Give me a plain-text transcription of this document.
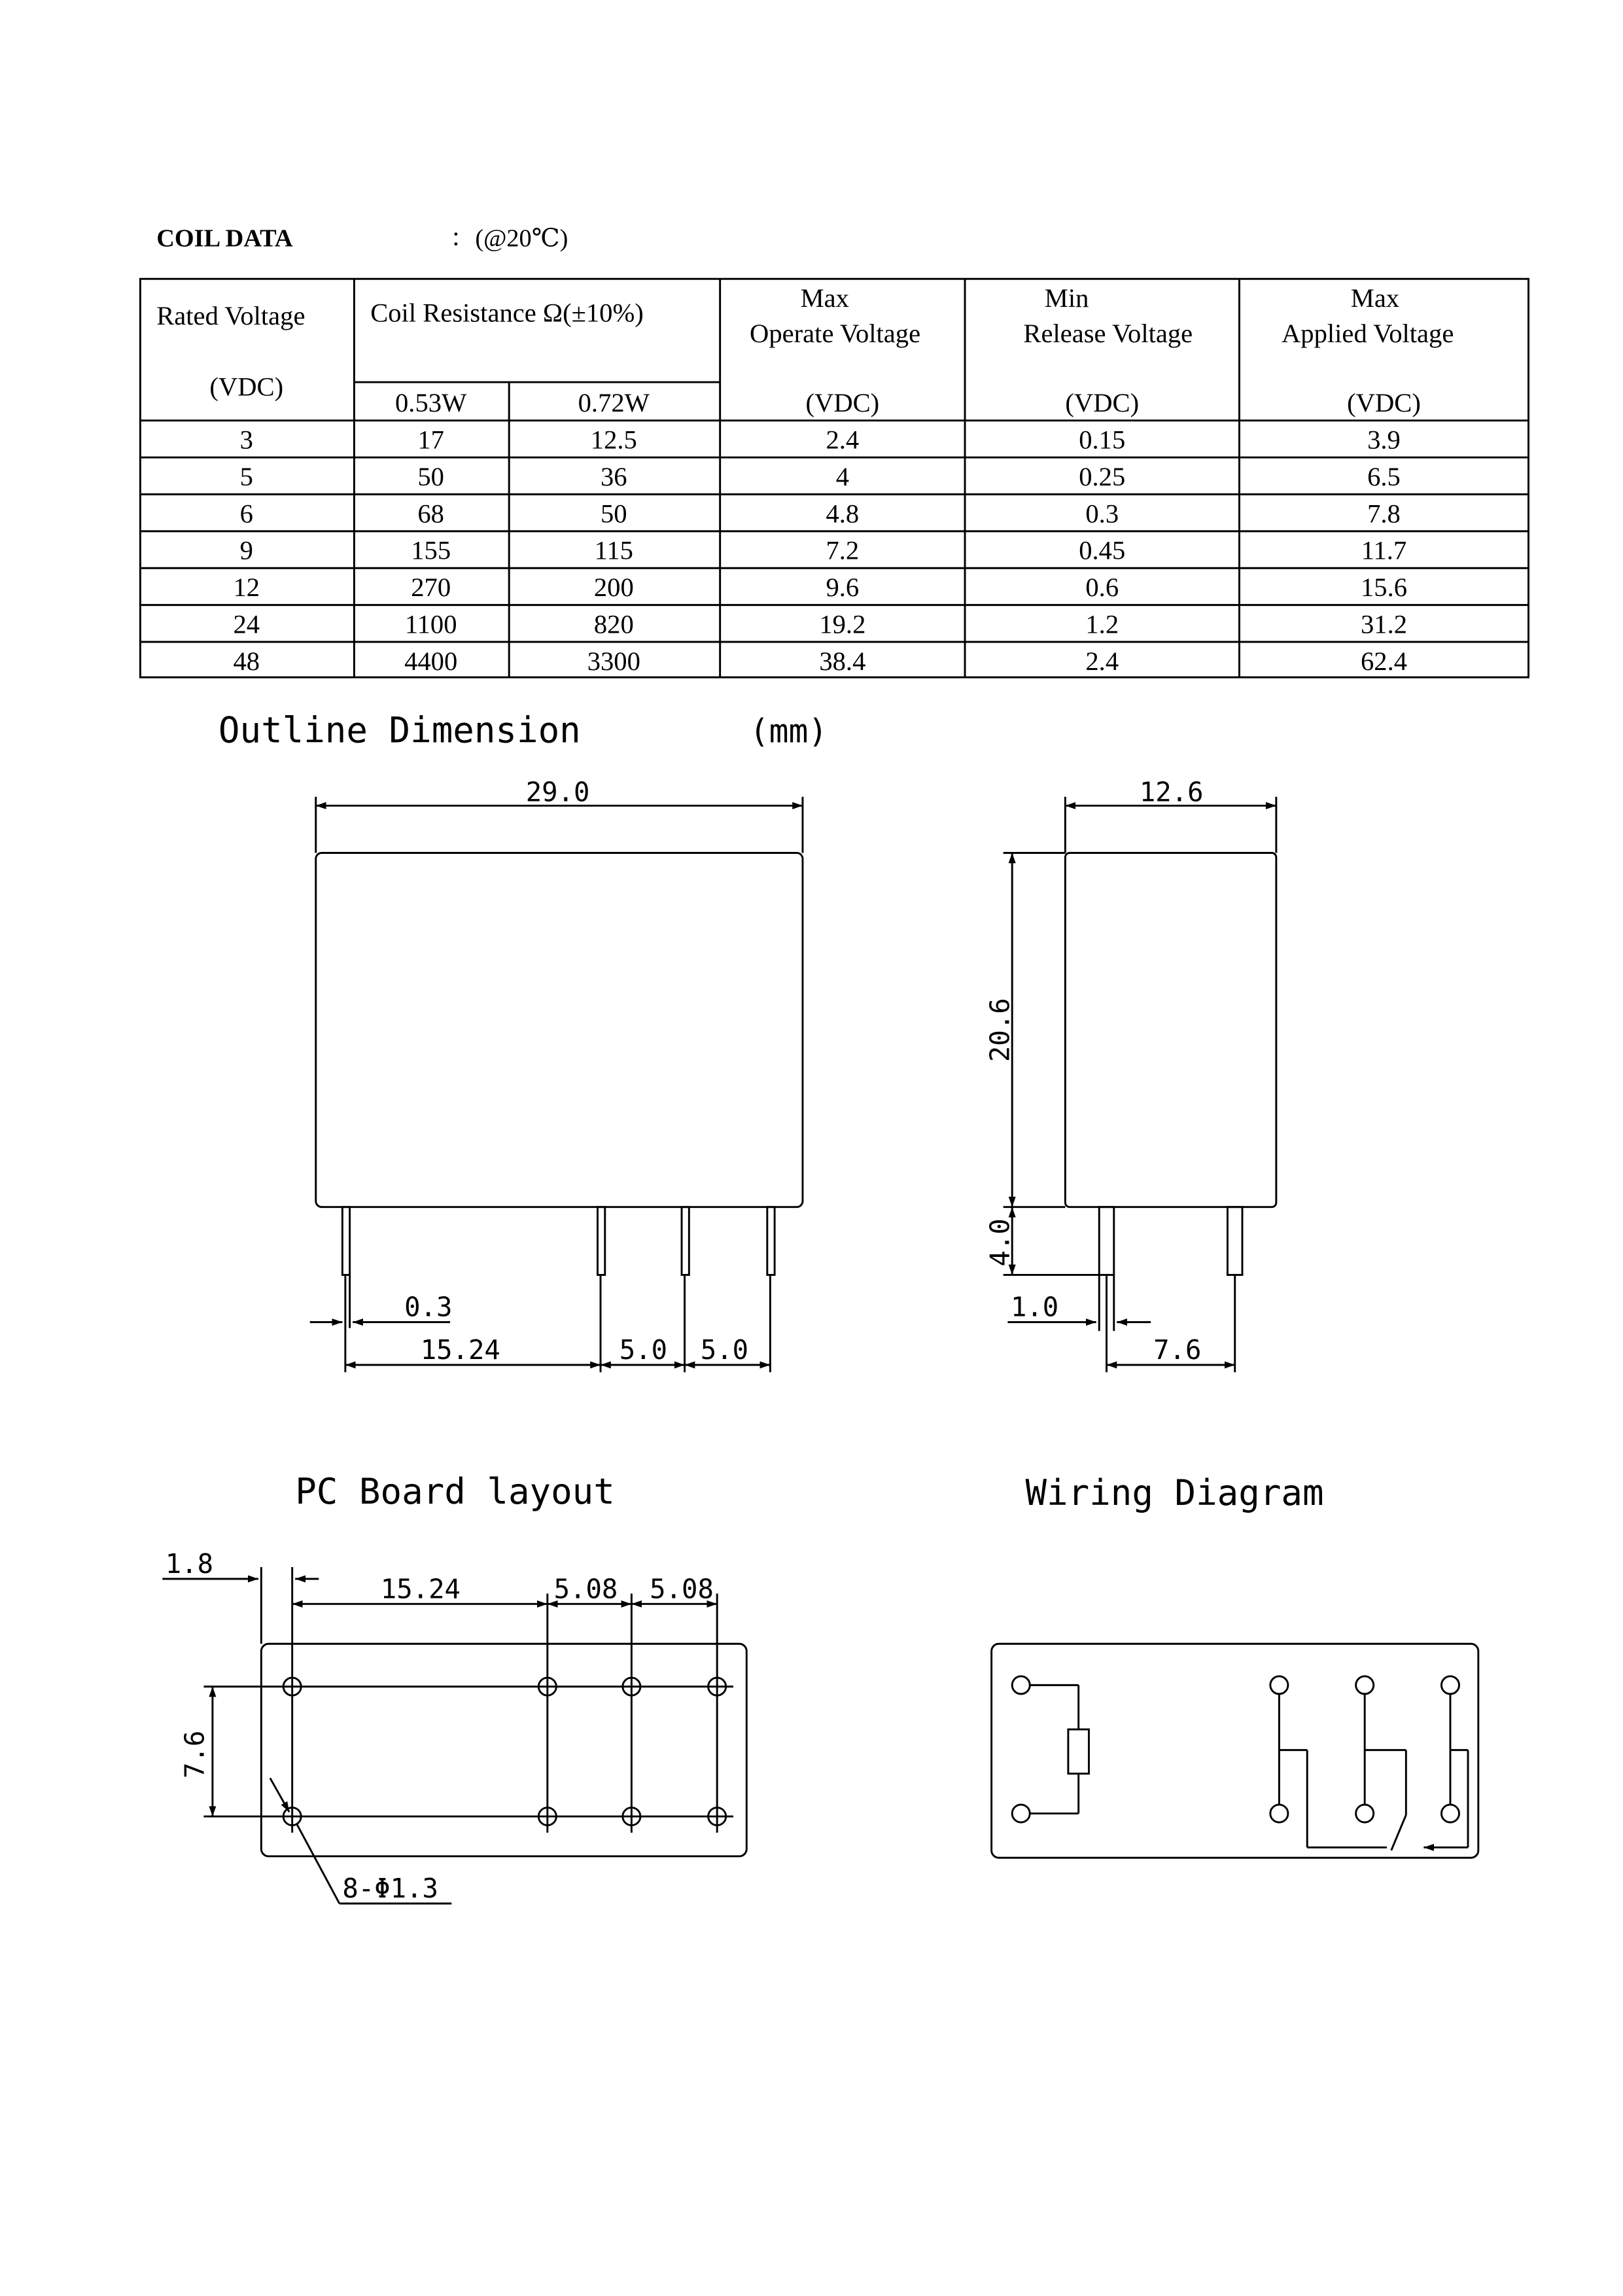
COIL DATA	：(@20℃)
Rated Voltage
(VDC)
Coil Resistance Ω(±10%)
0.53W	0.72W
Max
Operate Voltage
(VDC)
Min
Release Voltage
(VDC)
Max
Applied Voltage
(VDC)
3	17	12.5	2.4	0.15	3.9
5	50	36	4	0.25	6.5
6	68	50	4.8	0.3	7.8
9	155	115	7.2	0.45	11.7
12	270	200	9.6	0.6	15.6
24	1100	820	19.2	1.2	31.2
48	4400	3300	38.4	2.4	62.4
Outline Dimension	(mm)
29.0
0.3
15.24	5.0	5.0
12.6
20.6
4.0
1.0
7.6
PC Board layout
1.8
15.24	5.08	5.08
7.6
8-Φ1.3
Wiring Diagram
